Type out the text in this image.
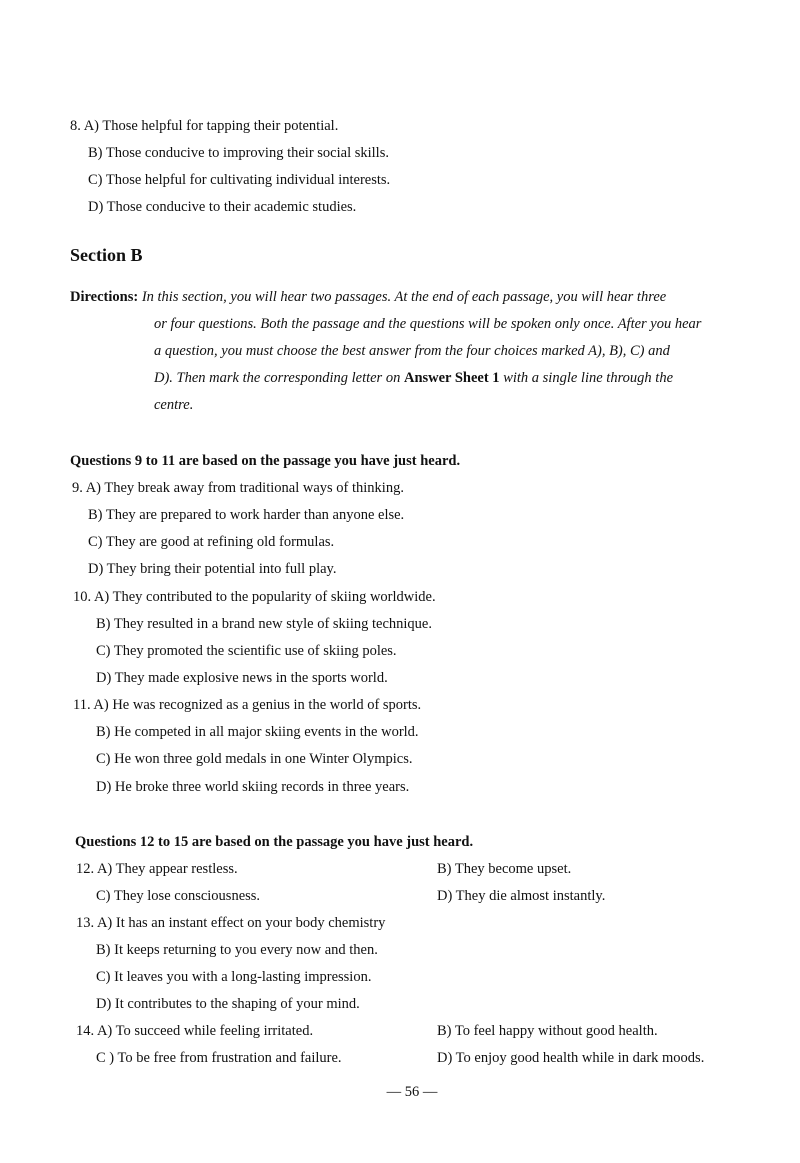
8. A) Those helpful for tapping their potential.
B) Those conducive to improving their social skills.
C) Those helpful for cultivating individual interests.
D) Those conducive to their academic studies.
Section B
Directions: In this section, you will hear two passages. At the end of each passage, you will hear three
or four questions. Both the passage and the questions will be spoken only once. After you hear
a question, you must choose the best answer from the four choices marked A), B), C) and
D). Then mark the corresponding letter on Answer Sheet 1 with a single line through the
centre.
Questions 9 to 11 are based on the passage you have just heard.
9. A) They break away from traditional ways of thinking.
B) They are prepared to work harder than anyone else.
C) They are good at refining old formulas.
D) They bring their potential into full play.
10. A) They contributed to the popularity of skiing worldwide.
B) They resulted in a brand new style of skiing technique.
C) They promoted the scientific use of skiing poles.
D) They made explosive news in the sports world.
11. A) He was recognized as a genius in the world of sports.
B) He competed in all major skiing events in the world.
C) He won three gold medals in one Winter Olympics.
D) He broke three world skiing records in three years.
Questions 12 to 15 are based on the passage you have just heard.
12. A) They appear restless.	B) They become upset.
C) They lose consciousness.	D) They die almost instantly.
13. A) It has an instant effect on your body chemistry
B) It keeps returning to you every now and then.
C) It leaves you with a long-lasting impression.
D) It contributes to the shaping of your mind.
14. A) To succeed while feeling irritated.	B) To feel happy without good health.
C ) To be free from frustration and failure.	D) To enjoy good health while in dark moods.
— 56 —
